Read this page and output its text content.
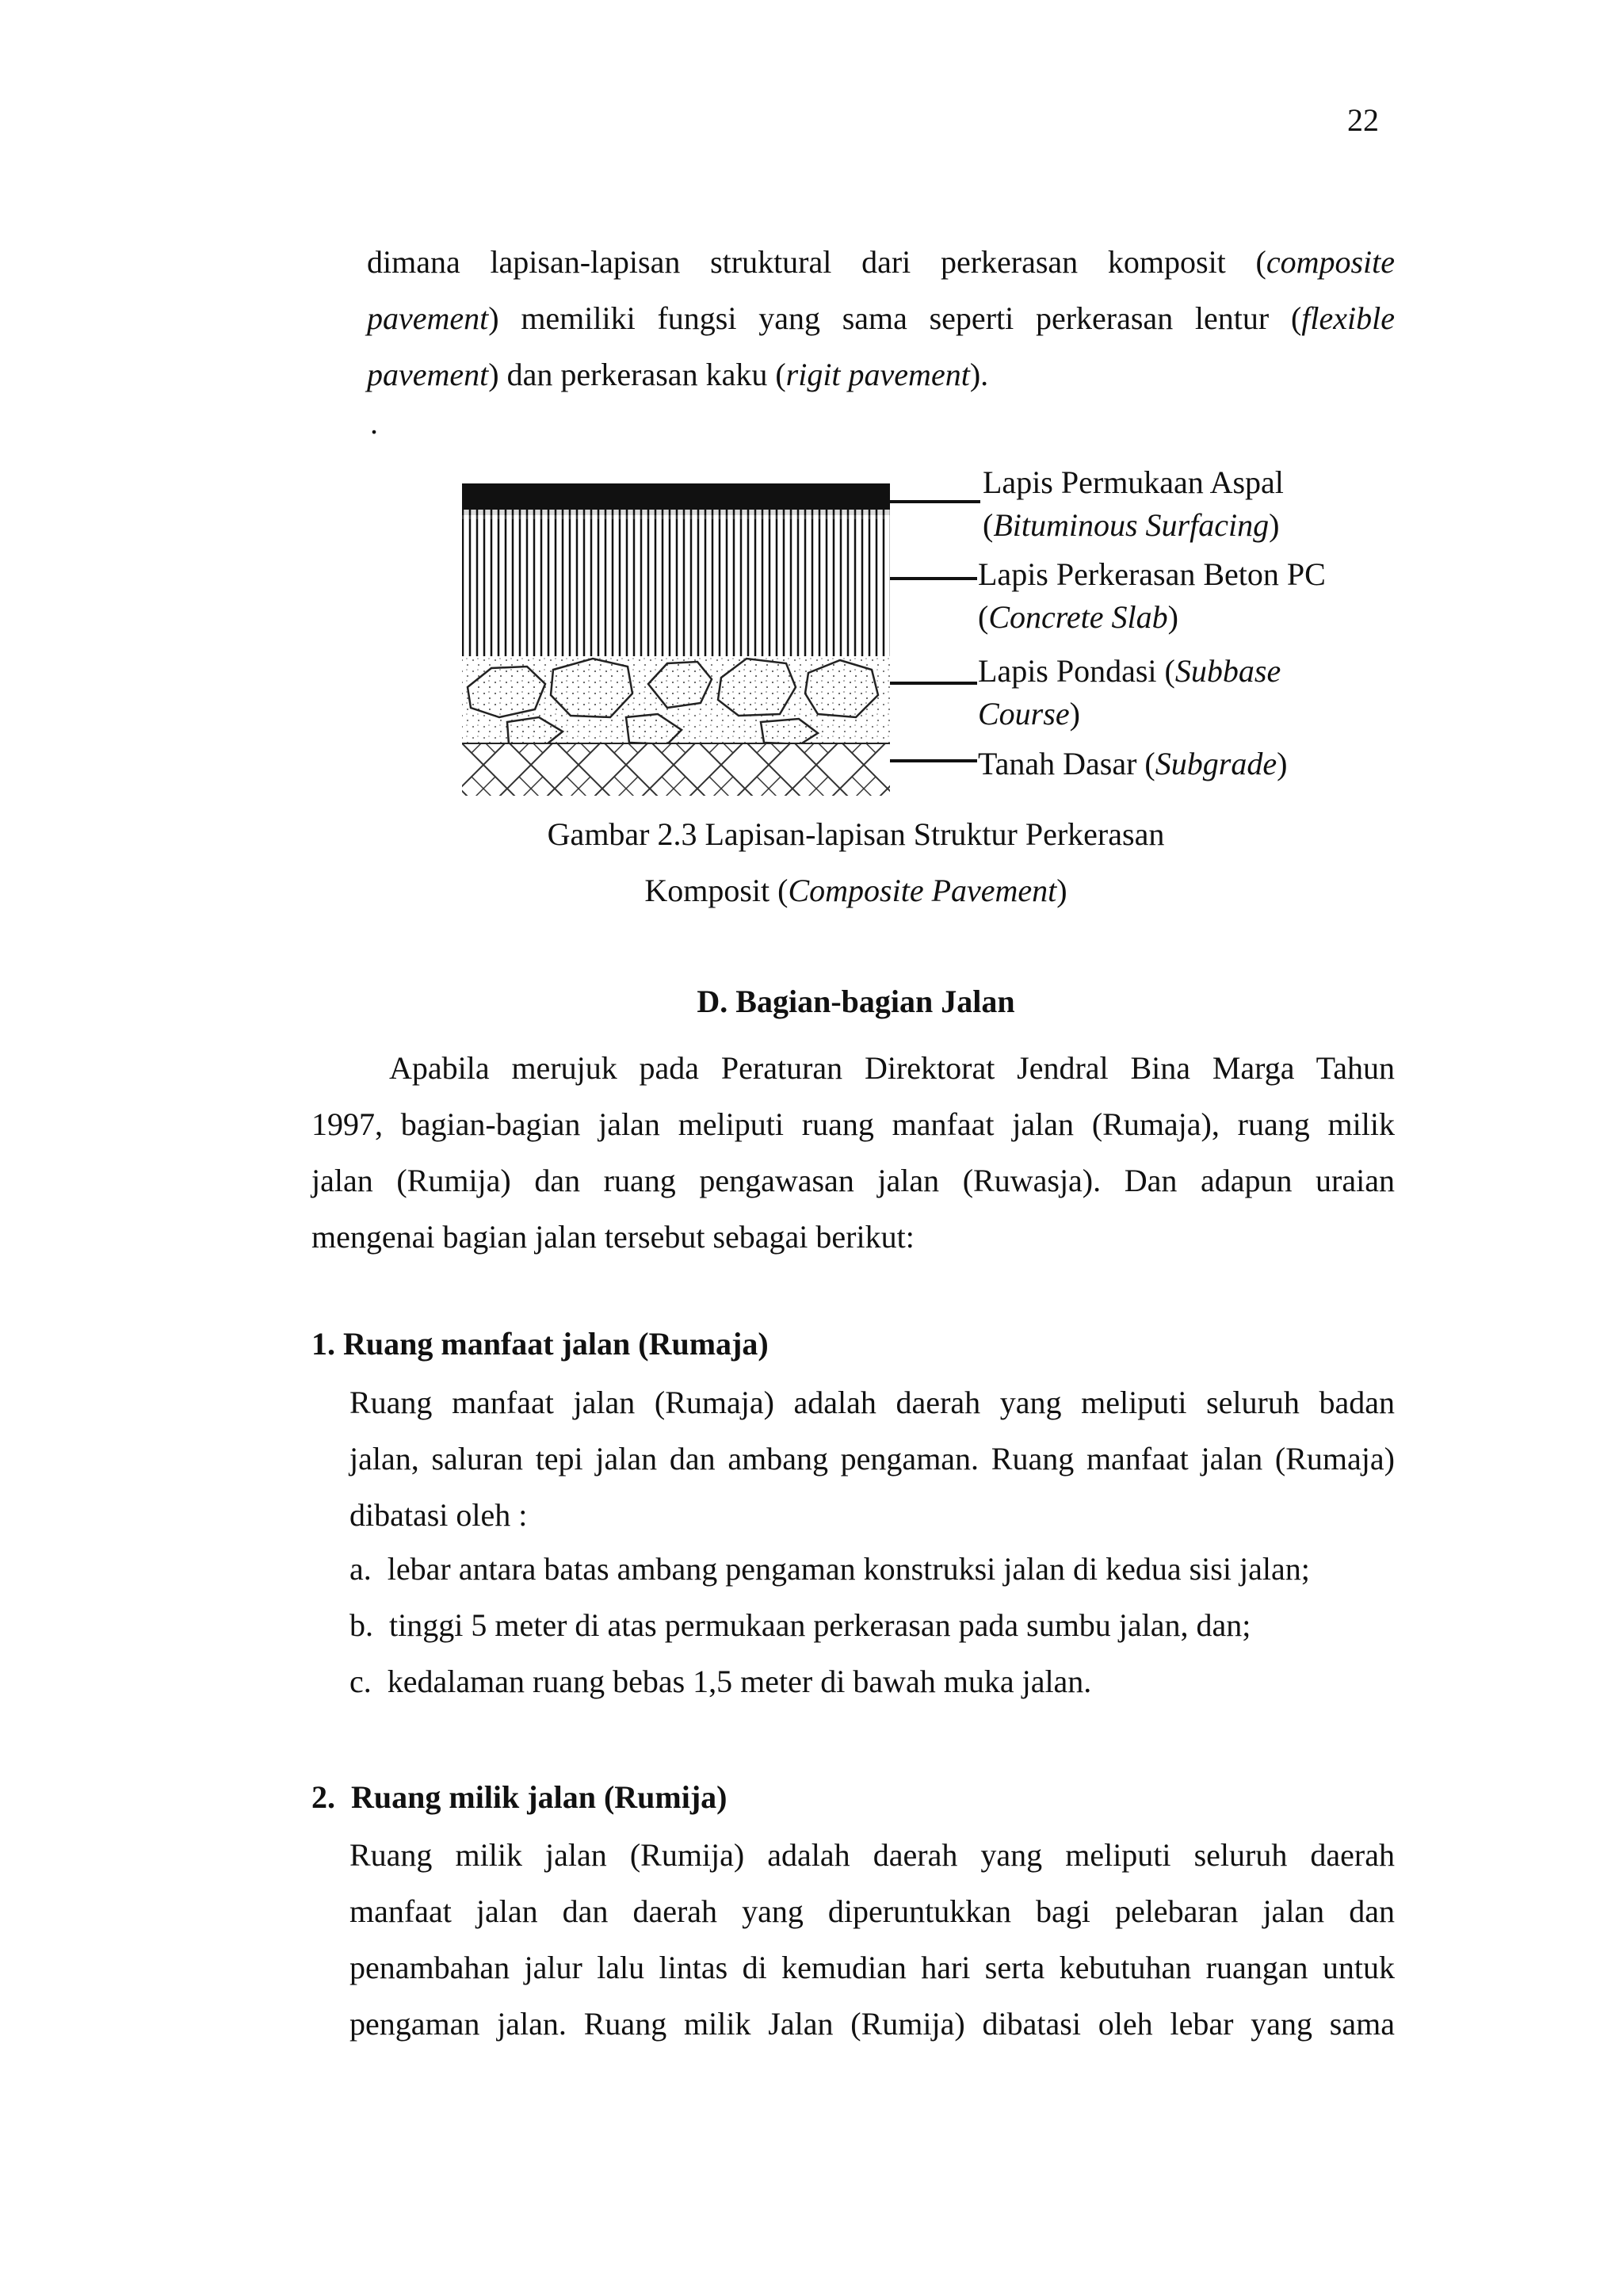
22
dimana lapisan-lapisan struktural dari perkerasan komposit (composite
pavement) memiliki fungsi yang sama seperti perkerasan lentur (flexible
pavement) dan perkerasan kaku (rigit pavement).
.
Lapis Permukaan Aspal
(Bituminous Surfacing)
Lapis Perkerasan Beton PC
(Concrete Slab)
Lapis Pondasi (Subbase
Course)
Tanah Dasar (Subgrade)
Gambar 2.3 Lapisan-lapisan Struktur Perkerasan
Komposit (Composite Pavement)
D. Bagian-bagian Jalan
Apabila merujuk pada Peraturan Direktorat Jendral Bina Marga Tahun
1997, bagian-bagian jalan meliputi ruang manfaat jalan (Rumaja), ruang milik
jalan (Rumija) dan ruang pengawasan jalan (Ruwasja). Dan adapun uraian
mengenai bagian jalan tersebut sebagai berikut:
1. Ruang manfaat jalan (Rumaja)
Ruang manfaat jalan (Rumaja) adalah daerah yang meliputi seluruh badan
jalan, saluran tepi jalan dan ambang pengaman. Ruang manfaat jalan (Rumaja)
dibatasi oleh :
a.  lebar antara batas ambang pengaman konstruksi jalan di kedua sisi jalan;
b.  tinggi 5 meter di atas permukaan perkerasan pada sumbu jalan, dan;
c.  kedalaman ruang bebas 1,5 meter di bawah muka jalan.
2.  Ruang milik jalan (Rumija)
Ruang milik jalan (Rumija) adalah daerah yang meliputi seluruh daerah
manfaat jalan dan daerah yang diperuntukkan bagi pelebaran jalan dan
penambahan jalur lalu lintas di kemudian hari serta kebutuhan ruangan untuk
pengaman jalan. Ruang milik Jalan (Rumija) dibatasi oleh lebar yang sama
